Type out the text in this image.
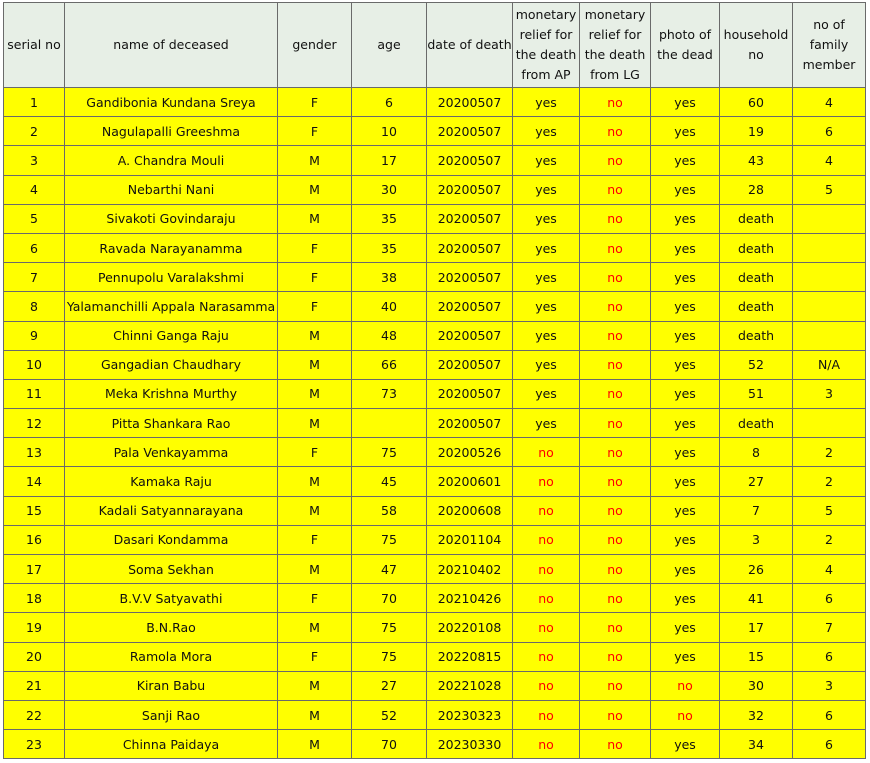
serial no	name of deceased	gender	age	date of death	monetary relief for the death from AP	monetary relief for the death from LG	photo of the dead	household no	no of family member
1	Gandibonia Kundana Sreya	F	6	20200507	yes	no	yes	60	4
2	Nagulapalli Greeshma	F	10	20200507	yes	no	yes	19	6
3	A. Chandra Mouli	M	17	20200507	yes	no	yes	43	4
4	Nebarthi Nani	M	30	20200507	yes	no	yes	28	5
5	Sivakoti Govindaraju	M	35	20200507	yes	no	yes	death	
6	Ravada Narayanamma	F	35	20200507	yes	no	yes	death	
7	Pennupolu Varalakshmi	F	38	20200507	yes	no	yes	death	
8	Yalamanchilli Appala Narasamma	F	40	20200507	yes	no	yes	death	
9	Chinni Ganga Raju	M	48	20200507	yes	no	yes	death	
10	Gangadian Chaudhary	M	66	20200507	yes	no	yes	52	N/A
11	Meka Krishna Murthy	M	73	20200507	yes	no	yes	51	3
12	Pitta Shankara Rao	M		20200507	yes	no	yes	death	
13	Pala Venkayamma	F	75	20200526	no	no	yes	8	2
14	Kamaka Raju	M	45	20200601	no	no	yes	27	2
15	Kadali Satyannarayana	M	58	20200608	no	no	yes	7	5
16	Dasari Kondamma	F	75	20201104	no	no	yes	3	2
17	Soma Sekhan	M	47	20210402	no	no	yes	26	4
18	B.V.V Satyavathi	F	70	20210426	no	no	yes	41	6
19	B.N.Rao	M	75	20220108	no	no	yes	17	7
20	Ramola Mora	F	75	20220815	no	no	yes	15	6
21	Kiran Babu	M	27	20221028	no	no	no	30	3
22	Sanji Rao	M	52	20230323	no	no	no	32	6
23	Chinna Paidaya	M	70	20230330	no	no	yes	34	6
